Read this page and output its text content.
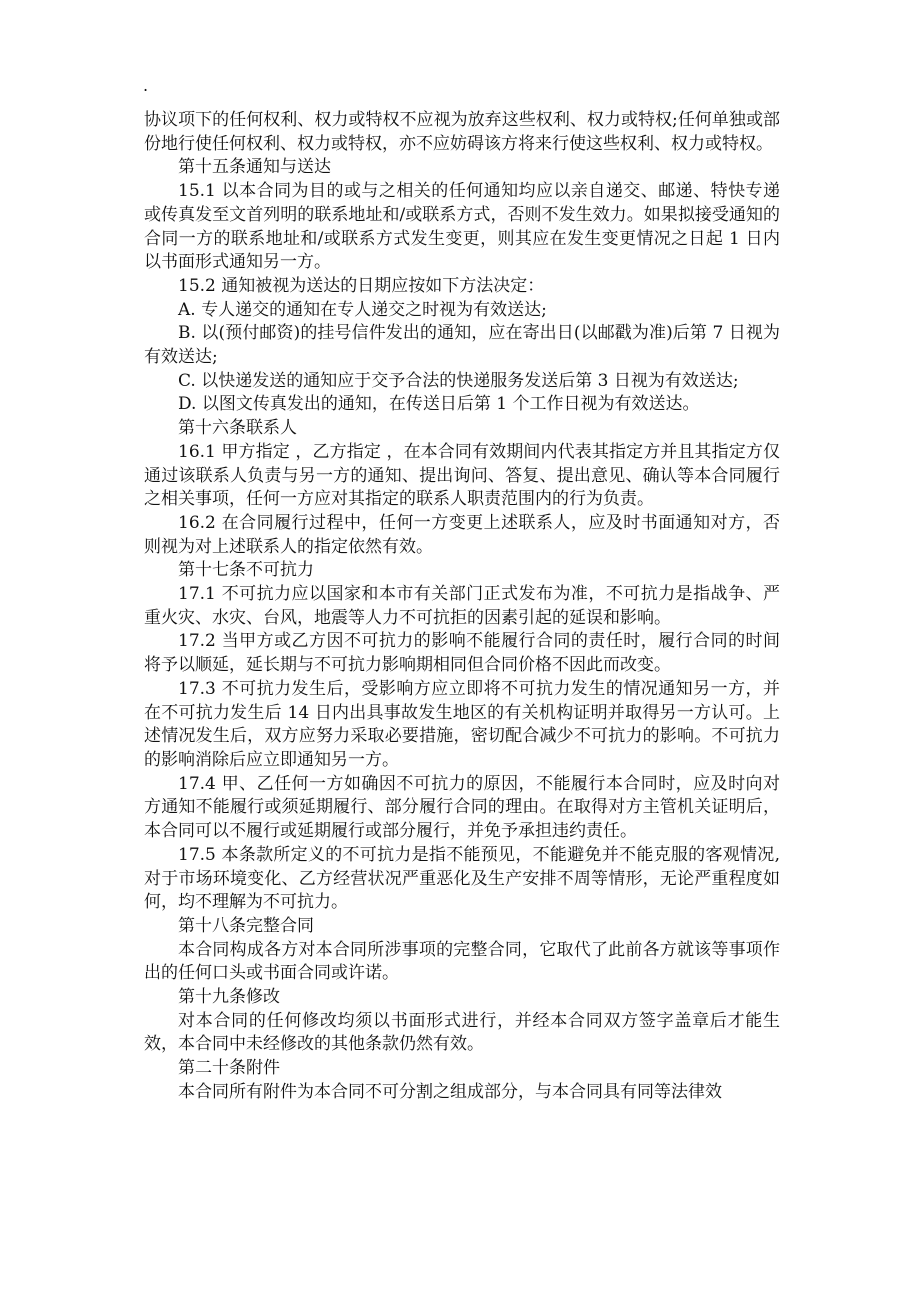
.

协议项下的任何权利、权力或特权不应视为放弃这些权利、权力或特权;任何单独或部份地行使任何权利、权力或特权，亦不应妨碍该方将来行使这些权利、权力或特权。

第十五条通知与送达

15.1 以本合同为目的或与之相关的任何通知均应以亲自递交、邮递、特快专递或传真发至文首列明的联系地址和/或联系方式，否则不发生效力。如果拟接受通知的合同一方的联系地址和/或联系方式发生变更，则其应在发生变更情况之日起 1 日内以书面形式通知另一方。

15.2 通知被视为送达的日期应按如下方法决定：

A. 专人递交的通知在专人递交之时视为有效送达;

B. 以(预付邮资)的挂号信件发出的通知，应在寄出日(以邮戳为准)后第 7 日视为有效送达;

C. 以快递发送的通知应于交予合法的快递服务发送后第 3 日视为有效送达;

D. 以图文传真发出的通知，在传送日后第 1 个工作日视为有效送达。

第十六条联系人

16.1 甲方指定 ，乙方指定 ，在本合同有效期间内代表其指定方并且其指定方仅通过该联系人负责与另一方的通知、提出询问、答复、提出意见、确认等本合同履行之相关事项，任何一方应对其指定的联系人职责范围内的行为负责。

16.2 在合同履行过程中，任何一方变更上述联系人，应及时书面通知对方，否则视为对上述联系人的指定依然有效。

第十七条不可抗力

17.1 不可抗力应以国家和本市有关部门正式发布为准，不可抗力是指战争、严重火灾、水灾、台风，地震等人力不可抗拒的因素引起的延误和影响。

17.2 当甲方或乙方因不可抗力的影响不能履行合同的责任时，履行合同的时间将予以顺延，延长期与不可抗力影响期相同但合同价格不因此而改变。

17.3 不可抗力发生后，受影响方应立即将不可抗力发生的情况通知另一方，并在不可抗力发生后 14 日内出具事故发生地区的有关机构证明并取得另一方认可。上述情况发生后，双方应努力采取必要措施，密切配合减少不可抗力的影响。不可抗力的影响消除后应立即通知另一方。

17.4 甲、乙任何一方如确因不可抗力的原因，不能履行本合同时，应及时向对方通知不能履行或须延期履行、部分履行合同的理由。在取得对方主管机关证明后，本合同可以不履行或延期履行或部分履行，并免予承担违约责任。

17.5 本条款所定义的不可抗力是指不能预见，不能避免并不能克服的客观情况,对于市场环境变化、乙方经营状况严重恶化及生产安排不周等情形，无论严重程度如何，均不理解为不可抗力。

第十八条完整合同

本合同构成各方对本合同所涉事项的完整合同，它取代了此前各方就该等事项作出的任何口头或书面合同或许诺。

第十九条修改

对本合同的任何修改均须以书面形式进行，并经本合同双方签字盖章后才能生效，本合同中未经修改的其他条款仍然有效。

第二十条附件

本合同所有附件为本合同不可分割之组成部分，与本合同具有同等法律效
